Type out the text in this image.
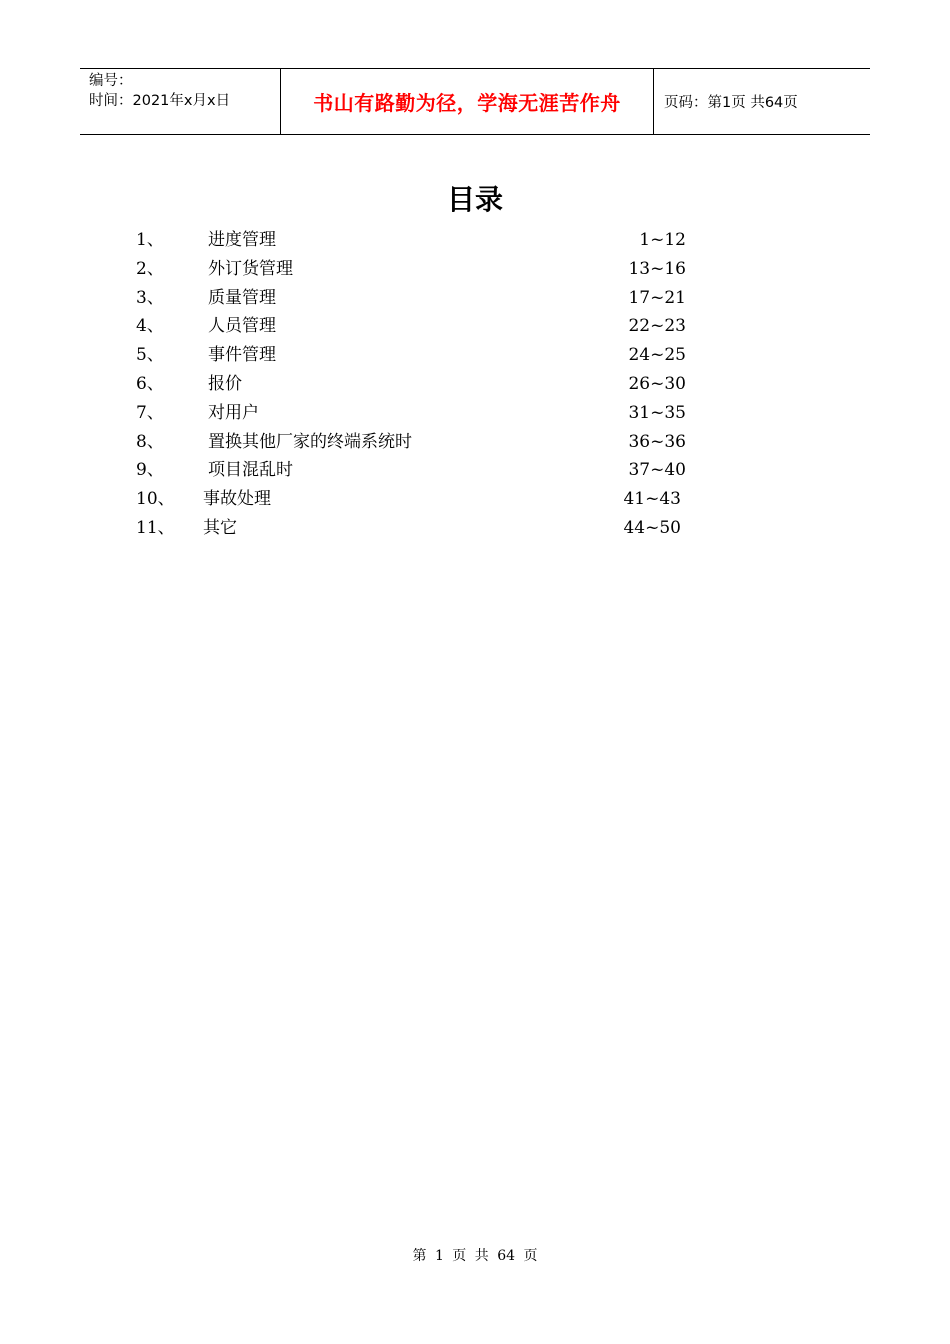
编号：
时间：2021年x月x日	书山有路勤为径，学海无涯苦作舟	页码：第1页 共64页
目录
1、	进度管理	1~12
2、	外订货管理	13~16
3、	质量管理	17~21
4、	人员管理	22~23
5、	事件管理	24~25
6、	报价	26~30
7、	对用户	31~35
8、	置换其他厂家的终端系统时	36~36
9、	项目混乱时	37~40
10、 事故处理	41~43
11、 其它	44~50
第 1 页 共 64 页
